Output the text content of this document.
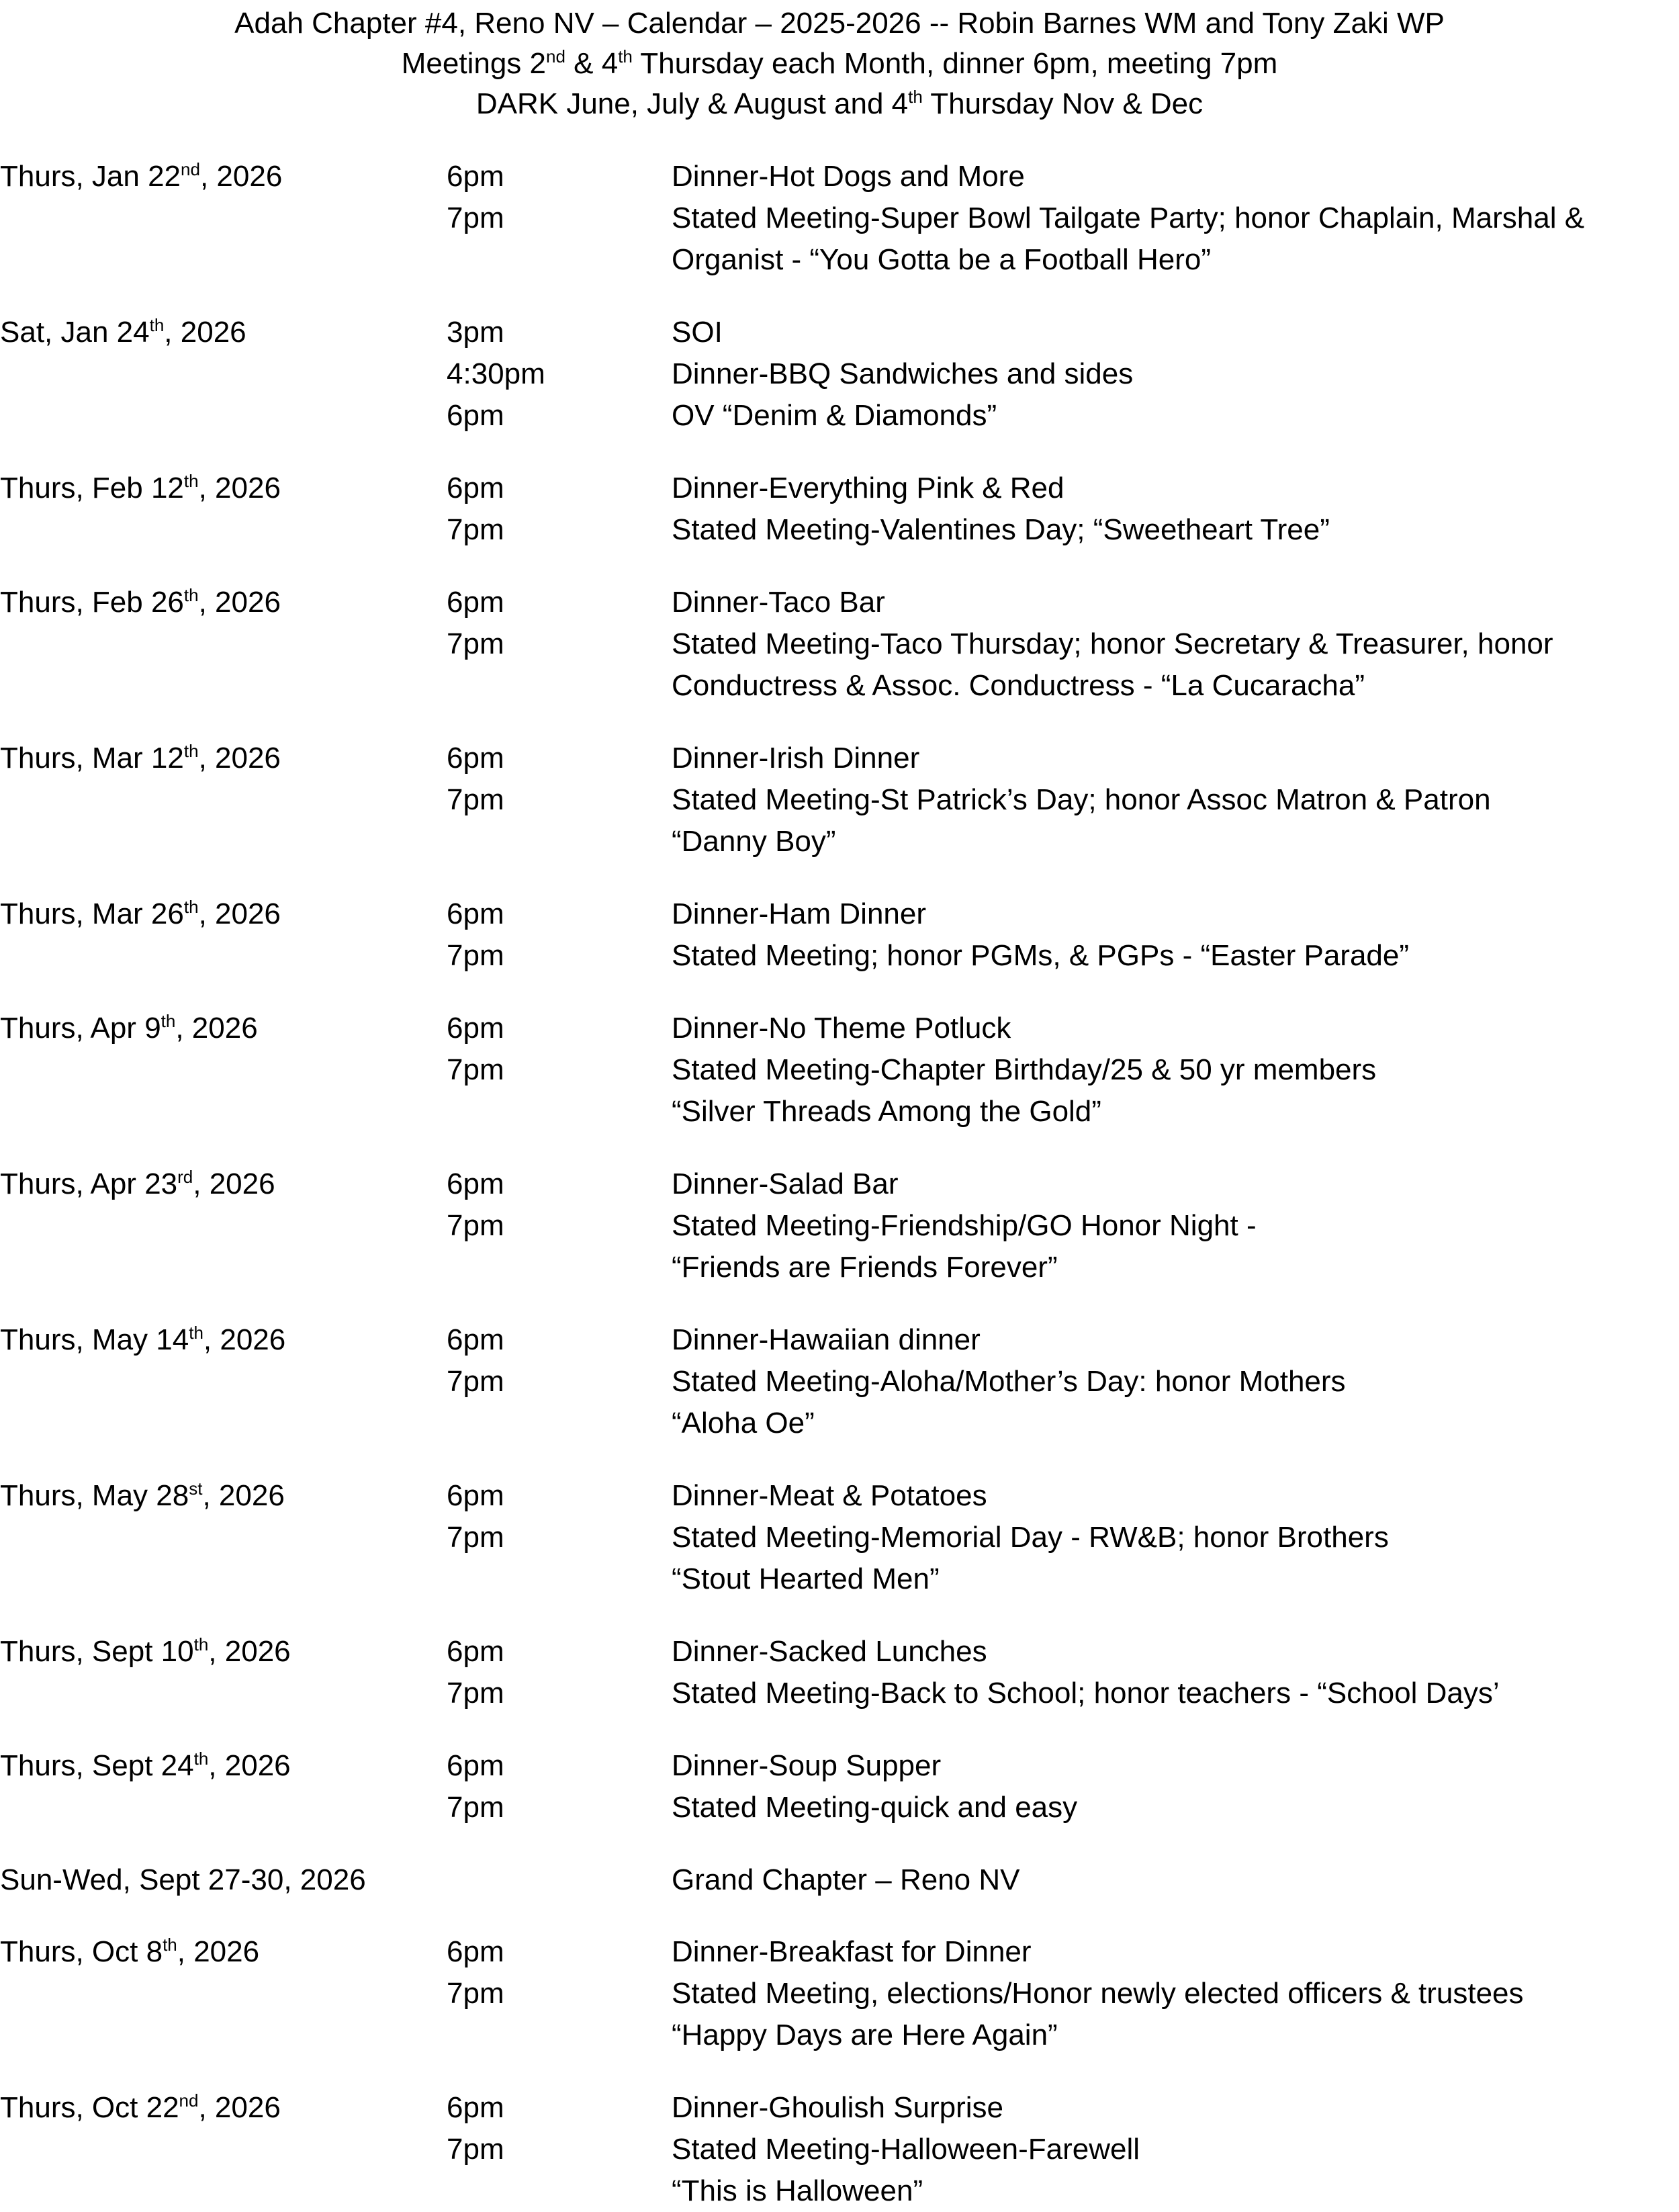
Adah Chapter #4, Reno NV – Calendar – 2025-2026 -- Robin Barnes WM and Tony Zaki WP
Meetings 2nd & 4th Thursday each Month, dinner 6pm, meeting 7pm
DARK June, July & August and 4th Thursday Nov & Dec
Thurs, Jan 22nd, 2026	6pm	Dinner-Hot Dogs and More
7pm	Stated Meeting-Super Bowl Tailgate Party; honor Chaplain, Marshal &
Organist - “You Gotta be a Football Hero”
Sat, Jan 24th, 2026	3pm	SOI
4:30pm	Dinner-BBQ Sandwiches and sides
6pm	OV “Denim & Diamonds”
Thurs, Feb 12th, 2026	6pm	Dinner-Everything Pink & Red
7pm	Stated Meeting-Valentines Day; “Sweetheart Tree”
Thurs, Feb 26th, 2026	6pm	Dinner-Taco Bar
7pm	Stated Meeting-Taco Thursday; honor Secretary & Treasurer, honor
Conductress & Assoc. Conductress - “La Cucaracha”
Thurs, Mar 12th, 2026	6pm	Dinner-Irish Dinner
7pm	Stated Meeting-St Patrick’s Day; honor Assoc Matron & Patron
“Danny Boy”
Thurs, Mar 26th, 2026	6pm	Dinner-Ham Dinner
7pm	Stated Meeting; honor PGMs, & PGPs - “Easter Parade”
Thurs, Apr 9th, 2026	6pm	Dinner-No Theme Potluck
7pm	Stated Meeting-Chapter Birthday/25 & 50 yr members
“Silver Threads Among the Gold”
Thurs, Apr 23rd, 2026	6pm	Dinner-Salad Bar
7pm	Stated Meeting-Friendship/GO Honor Night -
“Friends are Friends Forever”
Thurs, May 14th, 2026	6pm	Dinner-Hawaiian dinner
7pm	Stated Meeting-Aloha/Mother’s Day: honor Mothers
“Aloha Oe”
Thurs, May 28st, 2026	6pm	Dinner-Meat & Potatoes
7pm	Stated Meeting-Memorial Day - RW&B; honor Brothers
“Stout Hearted Men”
Thurs, Sept 10th, 2026	6pm	Dinner-Sacked Lunches
7pm	Stated Meeting-Back to School; honor teachers - “School Days’
Thurs, Sept 24th, 2026	6pm	Dinner-Soup Supper
7pm	Stated Meeting-quick and easy
Sun-Wed, Sept 27-30, 2026	Grand Chapter – Reno NV
Thurs, Oct 8th, 2026	6pm	Dinner-Breakfast for Dinner
7pm	Stated Meeting, elections/Honor newly elected officers & trustees
“Happy Days are Here Again”
Thurs, Oct 22nd, 2026	6pm	Dinner-Ghoulish Surprise
7pm	Stated Meeting-Halloween-Farewell
“This is Halloween”
